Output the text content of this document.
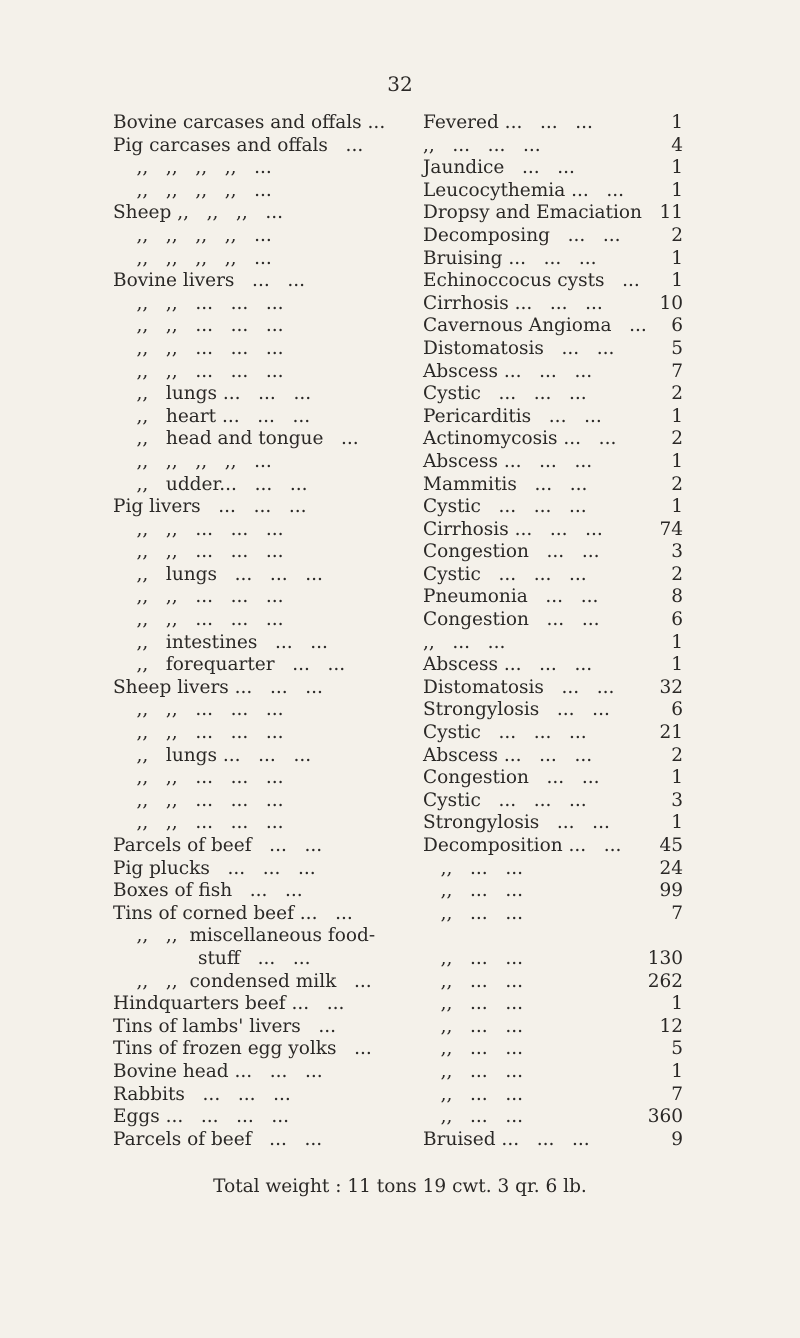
32
Bovine carcases and offals ... Fevered ...   ...   ...	1
Pig carcases and offals   ...	,,   ...   ...   ...	4
,,   ,,   ,,   ,,   ...	Jaundice   ...   ...	1
,,   ,,   ,,   ,,   ...	Leucocythemia ...   ...	1
Sheep ,,   ,,   ,,   ...	Dropsy and Emaciation 11
,,   ,,   ,,   ,,   ...	Decomposing   ...   ...	2
,,   ,,   ,,   ,,   ...	Bruising ...   ...   ...	1
Bovine livers   ...   ...	Echinoccocus cysts   ... 1
,,   ,,   ...   ...   ...	Cirrhosis ...   ...   ...	10
,,   ,,   ...   ...   ...	Cavernous Angioma   ... 6
,,   ,,   ...   ...   ...	Distomatosis   ...   ...	5
,,   ,,   ...   ...   ...	Abscess ...   ...   ...	7
,,   lungs ...   ...   ...	Cystic   ...   ...   ...	2
,,   heart ...   ...   ...	Pericarditis   ...   ...	1
,,   head and tongue   ...	Actinomycosis ...   ...	2
,,   ,,   ,,   ,,   ...	Abscess ...   ...   ...	1
,,   udder...   ...   ...	Mammitis   ...   ...	2
Pig livers   ...   ...   ...	Cystic   ...   ...   ...	1
,,   ,,   ...   ...   ...	Cirrhosis ...   ...   ...	74
,,   ,,   ...   ...   ...	Congestion   ...   ...	3
,,   lungs   ...   ...   ...	Cystic   ...   ...   ...	2
,,   ,,   ...   ...   ...	Pneumonia   ...   ...	8
,,   ,,   ...   ...   ...	Congestion   ...   ...	6
,,   intestines   ...   ...	,,   ...   ...	1
,,   forequarter   ...   ...	Abscess ...   ...   ...	1
Sheep livers ...   ...   ...	Distomatosis   ...   ... 32
,,   ,,   ...   ...   ...	Strongylosis   ...   ...	6
,,   ,,   ...   ...   ...	Cystic   ...   ...   ...	21
,,   lungs ...   ...   ...	Abscess ...   ...   ...	2
,,   ,,   ...   ...   ...	Congestion   ...   ...	1
,,   ,,   ...   ...   ...	Cystic   ...   ...   ...	3
,,   ,,   ...   ...   ...	Strongylosis   ...   ...	1
Parcels of beef   ...   ...	Decomposition ...   ... 45
Pig plucks   ...   ...   ...	,,   ...   ...	24
Boxes of fish   ...   ...	,,   ...   ...	99
Tins of corned beef ...   ...	,,   ...   ...	7
,,   ,,  miscellaneous food-
stuff   ...   ...	,,   ...   ...	130
,,   ,,  condensed milk   ...	,,   ...   ...	262
Hindquarters beef ...   ...	,,   ...   ...	1
Tins of lambs' livers   ...	,,   ...   ...	12
Tins of frozen egg yolks   ...	,,   ...   ...	5
Bovine head ...   ...   ...	,,   ...   ...	1
Rabbits   ...   ...   ...	,,   ...   ...	7
Eggs ...   ...   ...   ...	,,   ...   ...	360
Parcels of beef   ...   ...	Bruised ...   ...   ...	9
Total weight : 11 tons 19 cwt. 3 qr. 6 lb.
